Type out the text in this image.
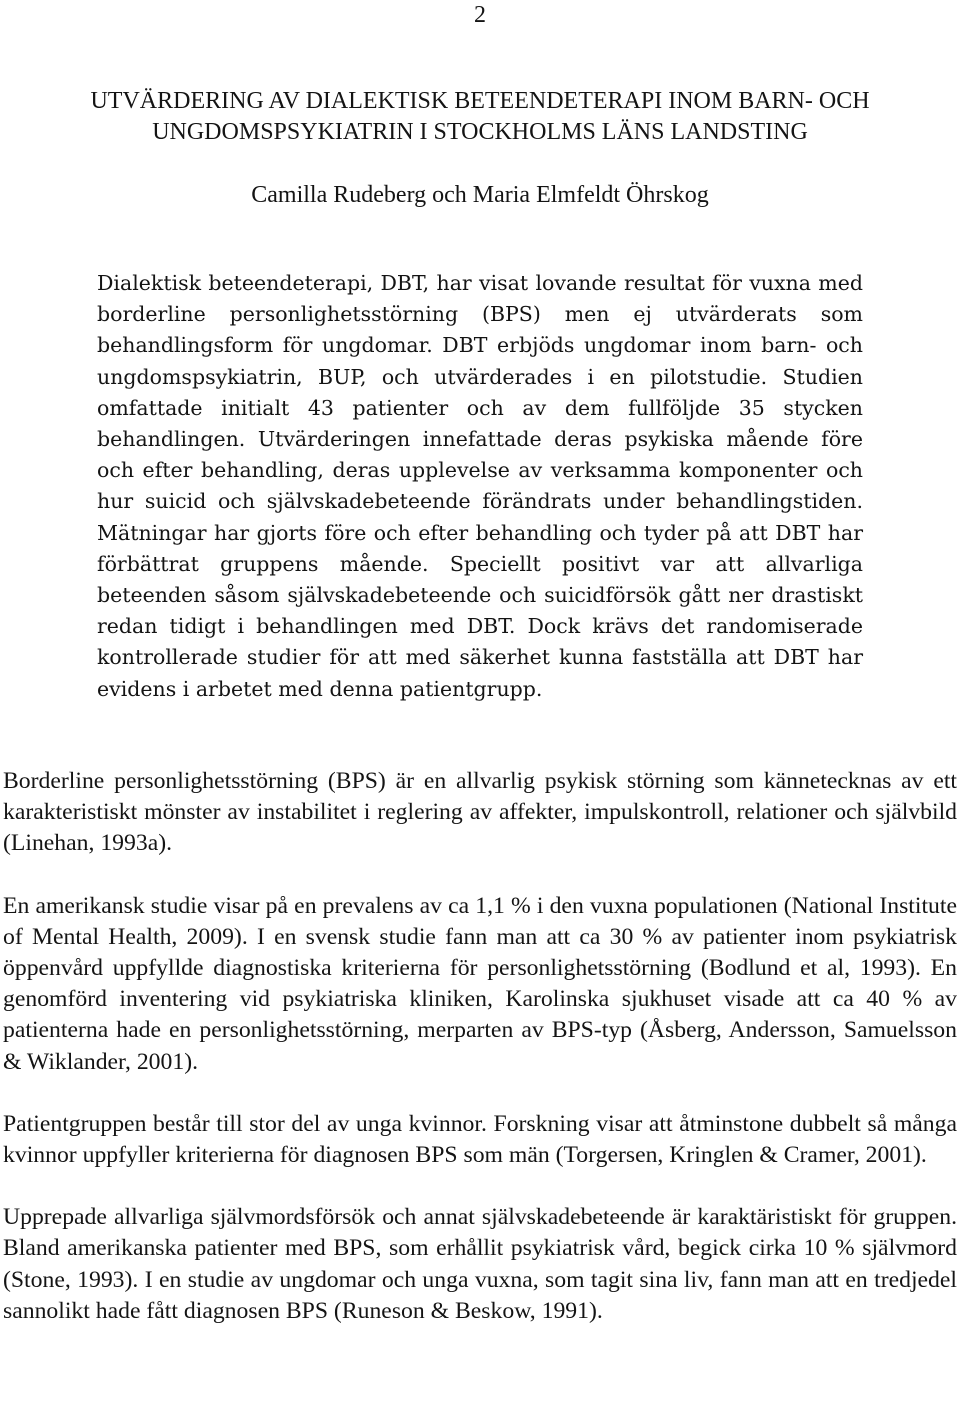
2
UTVÄRDERING AV DIALEKTISK BETEENDETERAPI INOM BARN- OCH
UNGDOMSPSYKIATRIN I STOCKHOLMS LÄNS LANDSTING
Camilla Rudeberg och Maria Elmfeldt Öhrskog

Dialektisk beteendeterapi, DBT, har visat lovande resultat för vuxna med borderline personlighetsstörning (BPS) men ej utvärderats som behandlingsform för ungdomar. DBT erbjöds ungdomar inom barn- och ungdomspsykiatrin, BUP, och utvärderades i en pilotstudie. Studien omfattade initialt 43 patienter och av dem fullföljde 35 stycken behandlingen. Utvärderingen innefattade deras psykiska mående före och efter behandling, deras upplevelse av verksamma komponenter och hur suicid och självskadebeteende förändrats under behandlingstiden. Mätningar har gjorts före och efter behandling och tyder på att DBT har förbättrat gruppens mående. Speciellt positivt var att allvarliga beteenden såsom självskadebeteende och suicidförsök gått ner drastiskt redan tidigt i behandlingen med DBT. Dock krävs det randomiserade kontrollerade studier för att med säkerhet kunna fastställa att DBT har evidens i arbetet med denna patientgrupp.

Borderline personlighetsstörning (BPS) är en allvarlig psykisk störning som kännetecknas av ett karakteristiskt mönster av instabilitet i reglering av affekter, impulskontroll, relationer och självbild (Linehan, 1993a).

En amerikansk studie visar på en prevalens av ca 1,1 % i den vuxna populationen (National Institute of Mental Health, 2009). I en svensk studie fann man att ca 30 % av patienter inom psykiatrisk öppenvård uppfyllde diagnostiska kriterierna för personlighetsstörning (Bodlund et al, 1993). En genomförd inventering vid psykiatriska kliniken, Karolinska sjukhuset visade att ca 40 % av patienterna hade en personlighetsstörning, merparten av BPS-typ (Åsberg, Andersson, Samuelsson & Wiklander, 2001).

Patientgruppen består till stor del av unga kvinnor. Forskning visar att åtminstone dubbelt så många kvinnor uppfyller kriterierna för diagnosen BPS som män (Torgersen, Kringlen & Cramer, 2001).

Upprepade allvarliga självmordsförsök och annat självskadebeteende är karaktäristiskt för gruppen. Bland amerikanska patienter med BPS, som erhållit psykiatrisk vård, begick cirka 10 % självmord (Stone, 1993). I en studie av ungdomar och unga vuxna, som tagit sina liv, fann man att en tredjedel sannolikt hade fått diagnosen BPS (Runeson & Beskow, 1991).
